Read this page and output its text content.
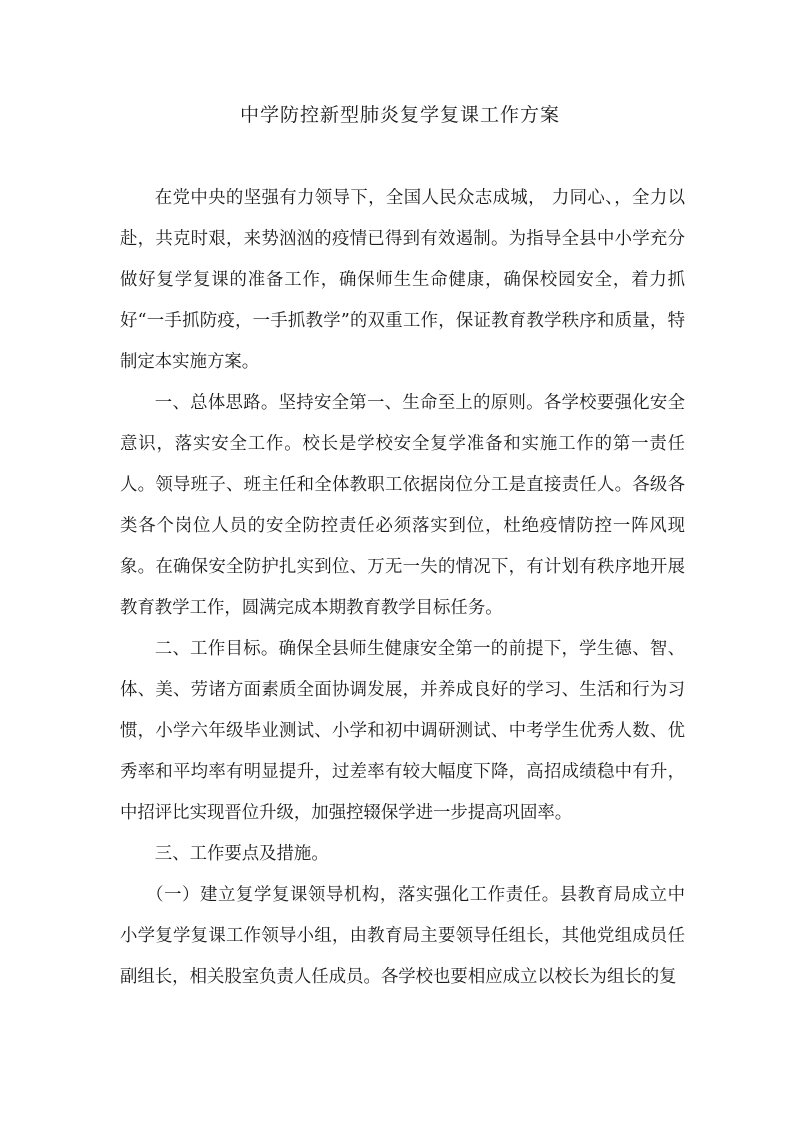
中学防控新型肺炎复学复课工作方案

在党中央的坚强有力领导下，全国人民众志成城， 力同心、，全力以赴，共克时艰，来势汹汹的疫情已得到有效遏制。为指导全县中小学充分做好复学复课的准备工作，确保师生生命健康，确保校园安全，着力抓好“一手抓防疫，一手抓教学”的双重工作，保证教育教学秩序和质量，特制定本实施方案。

一、总体思路。坚持安全第一、生命至上的原则。各学校要强化安全意识，落实安全工作。校长是学校安全复学准备和实施工作的第一责任人。领导班子、班主任和全体教职工依据岗位分工是直接责任人。各级各类各个岗位人员的安全防控责任必须落实到位，杜绝疫情防控一阵风现象。在确保安全防护扎实到位、万无一失的情况下，有计划有秩序地开展教育教学工作，圆满完成本期教育教学目标任务。

二、工作目标。确保全县师生健康安全第一的前提下，学生德、智、体、美、劳诸方面素质全面协调发展，并养成良好的学习、生活和行为习惯，小学六年级毕业测试、小学和初中调研测试、中考学生优秀人数、优秀率和平均率有明显提升，过差率有较大幅度下降，高招成绩稳中有升，中招评比实现晋位升级，加强控辍保学进一步提高巩固率。

三、工作要点及措施。

（一）建立复学复课领导机构，落实强化工作责任。县教育局成立中小学复学复课工作领导小组，由教育局主要领导任组长，其他党组成员任副组长，相关股室负责人任成员。各学校也要相应成立以校长为组长的复
